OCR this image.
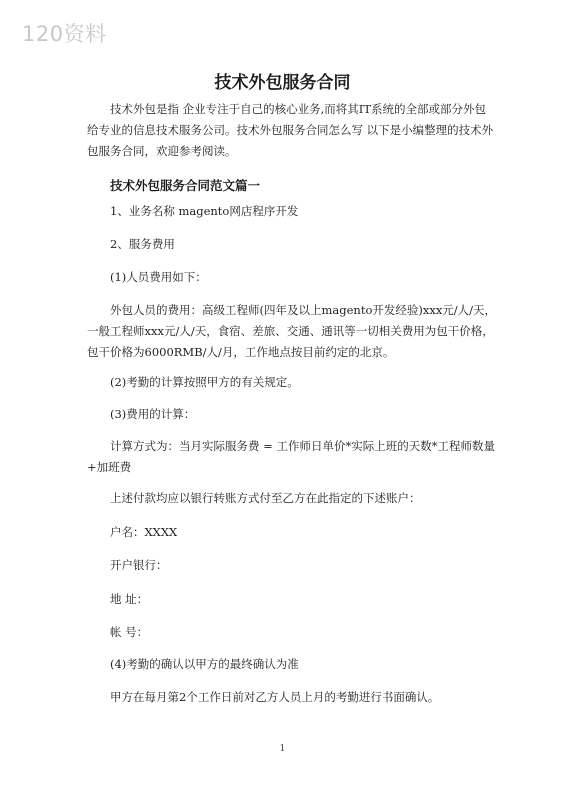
120资料
技术外包服务合同

技术外包是指 企业专注于自己的核心业务,而将其IT系统的全部或部分外包给专业的信息技术服务公司。技术外包服务合同怎么写 以下是小编整理的技术外包服务合同，欢迎参考阅读。

技术外包服务合同范文篇一
1、业务名称 magento网店程序开发
2、服务费用
(1)人员费用如下：

外包人员的费用：高级工程师(四年及以上magento开发经验)xxx元/人/天，一般工程师xxx元/人/天，食宿、差旅、交通、通讯等一切相关费用为包干价格，包干价格为6000RMB/人/月，工作地点按目前约定的北京。

(2)考勤的计算按照甲方的有关规定。
(3)费用的计算：

计算方式为：当月实际服务费 = 工作师日单价*实际上班的天数*工程师数量+加班费

上述付款均应以银行转账方式付至乙方在此指定的下述账户：
户名：XXXX
开户银行：
地 址：
帐 号：
(4)考勤的确认以甲方的最终确认为准
甲方在每月第2个工作日前对乙方人员上月的考勤进行书面确认。
1
